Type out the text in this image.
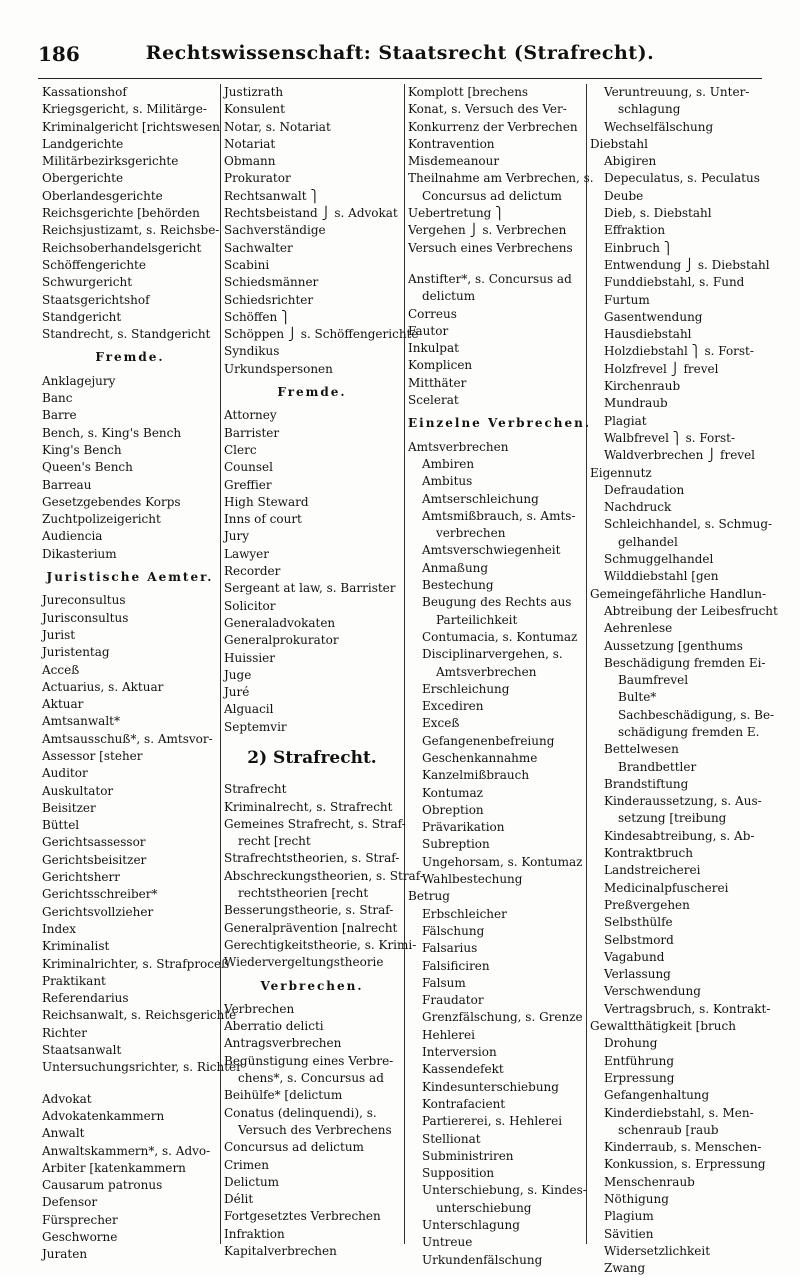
186	Rechtswissenschaft: Staatsrecht (Strafrecht).
Kassationshof
Kriegsgericht, s. Militärge-
Kriminalgericht [richtswesen
Landgerichte
Militärbezirksgerichte
Obergerichte
Oberlandesgerichte
Reichsgerichte [behörden
Reichsjustizamt, s. Reichsbe-
Reichsoberhandelsgericht
Schöffengerichte
Schwurgericht
Staatsgerichtshof
Standgericht
Standrecht, s. Standgericht
Fremde.
Anklagejury
Banc
Barre
Bench, s. King's Bench
King's Bench
Queen's Bench
Barreau
Gesetzgebendes Korps
Zuchtpolizeigericht
Audiencia
Dikasterium
Juristische Aemter.
Jureconsultus
Jurisconsultus
Jurist
Juristentag
Acceß
Actuarius, s. Aktuar
Aktuar
Amtsanwalt*
Amtsausschuß*, s. Amtsvor-
Assessor [steher
Auditor
Auskultator
Beisitzer
Büttel
Gerichtsassessor
Gerichtsbeisitzer
Gerichtsherr
Gerichtsschreiber*
Gerichtsvollzieher
Index
Kriminalist
Kriminalrichter, s. Strafproceß
Praktikant
Referendarius
Reichsanwalt, s. Reichsgerichte
Richter
Staatsanwalt
Untersuchungsrichter, s. Richter
Advokat
Advokatenkammern
Anwalt
Anwaltskammern*, s. Advo-
Arbiter [katenkammern
Causarum patronus
Defensor
Fürsprecher
Geschworne
Juraten
Justizrath
Konsulent
Notar, s. Notariat
Notariat
Obmann
Prokurator
Rechtsanwalt ⎫
Rechtsbeistand ⎭ s. Advokat
Sachverständige
Sachwalter
Scabini
Schiedsmänner
Schiedsrichter
Schöffen ⎫
Schöppen ⎭ s. Schöffengerichte
Syndikus
Urkundspersonen
Fremde.
Attorney
Barrister
Clerc
Counsel
Greffier
High Steward
Inns of court
Jury
Lawyer
Recorder
Sergeant at law, s. Barrister
Solicitor
Generaladvokaten
Generalprokurator
Huissier
Juge
Juré
Alguacil
Septemvir
2) Strafrecht.
Strafrecht
Kriminalrecht, s. Strafrecht
Gemeines Strafrecht, s. Straf-
recht [recht
Strafrechtstheorien, s. Straf-
Abschreckungstheorien, s. Straf-
rechtstheorien [recht
Besserungstheorie, s. Straf-
Generalprävention [nalrecht
Gerechtigkeitstheorie, s. Krimi-
Wiedervergeltungstheorie
Verbrechen.
Verbrechen
Aberratio delicti
Antragsverbrechen
Begünstigung eines Verbre-
chens*, s. Concursus ad
Beihülfe* [delictum
Conatus (delinquendi), s.
Versuch des Verbrechens
Concursus ad delictum
Crimen
Delictum
Délit
Fortgesetztes Verbrechen
Infraktion
Kapitalverbrechen
Komplott [brechens
Konat, s. Versuch des Ver-
Konkurrenz der Verbrechen
Kontravention
Misdemeanour
Theilnahme am Verbrechen, s.
Concursus ad delictum
Uebertretung ⎫
Vergehen ⎭ s. Verbrechen
Versuch eines Verbrechens
Anstifter*, s. Concursus ad
delictum
Correus
Fautor
Inkulpat
Komplicen
Mitthäter
Scelerat
Einzelne Verbrechen.
Amtsverbrechen
Ambiren
Ambitus
Amtserschleichung
Amtsmißbrauch, s. Amts-
verbrechen
Amtsverschwiegenheit
Anmaßung
Bestechung
Beugung des Rechts aus
Parteilichkeit
Contumacia, s. Kontumaz
Disciplinarvergehen, s.
Amtsverbrechen
Erschleichung
Excediren
Exceß
Gefangenenbefreiung
Geschenkannahme
Kanzelmißbrauch
Kontumaz
Obreption
Prävarikation
Subreption
Ungehorsam, s. Kontumaz
Wahlbestechung
Betrug
Erbschleicher
Fälschung
Falsarius
Falsificiren
Falsum
Fraudator
Grenzfälschung, s. Grenze
Hehlerei
Interversion
Kassendefekt
Kindesunterschiebung
Kontrafacient
Partiererei, s. Hehlerei
Stellionat
Subministriren
Supposition
Unterschiebung, s. Kindes-
unterschiebung
Unterschlagung
Untreue
Urkundenfälschung
Veruntreuung, s. Unter-
schlagung
Wechselfälschung
Diebstahl
Abigiren
Depeculatus, s. Peculatus
Deube
Dieb, s. Diebstahl
Effraktion
Einbruch ⎫
Entwendung ⎭ s. Diebstahl
Funddiebstahl, s. Fund
Furtum
Gasentwendung
Hausdiebstahl
Holzdiebstahl ⎫ s. Forst-
Holzfrevel ⎭ frevel
Kirchenraub
Mundraub
Plagiat
Walbfrevel ⎫ s. Forst-
Waldverbrechen ⎭ frevel
Eigennutz
Defraudation
Nachdruck
Schleichhandel, s. Schmug-
gelhandel
Schmuggelhandel
Wilddiebstahl [gen
Gemeingefährliche Handlun-
Abtreibung der Leibesfrucht
Aehrenlese
Aussetzung [genthums
Beschädigung fremden Ei-
Baumfrevel
Bulte*
Sachbeschädigung, s. Be-
schädigung fremden E.
Bettelwesen
Brandbettler
Brandstiftung
Kinderaussetzung, s. Aus-
setzung [treibung
Kindesabtreibung, s. Ab-
Kontraktbruch
Landstreicherei
Medicinalpfuscherei
Preßvergehen
Selbsthülfe
Selbstmord
Vagabund
Verlassung
Verschwendung
Vertragsbruch, s. Kontrakt-
Gewaltthätigkeit [bruch
Drohung
Entführung
Erpressung
Gefangenhaltung
Kinderdiebstahl, s. Men-
schenraub [raub
Kinderraub, s. Menschen-
Konkussion, s. Erpressung
Menschenraub
Nöthigung
Plagium
Sävitien
Widersetzlichkeit
Zwang
